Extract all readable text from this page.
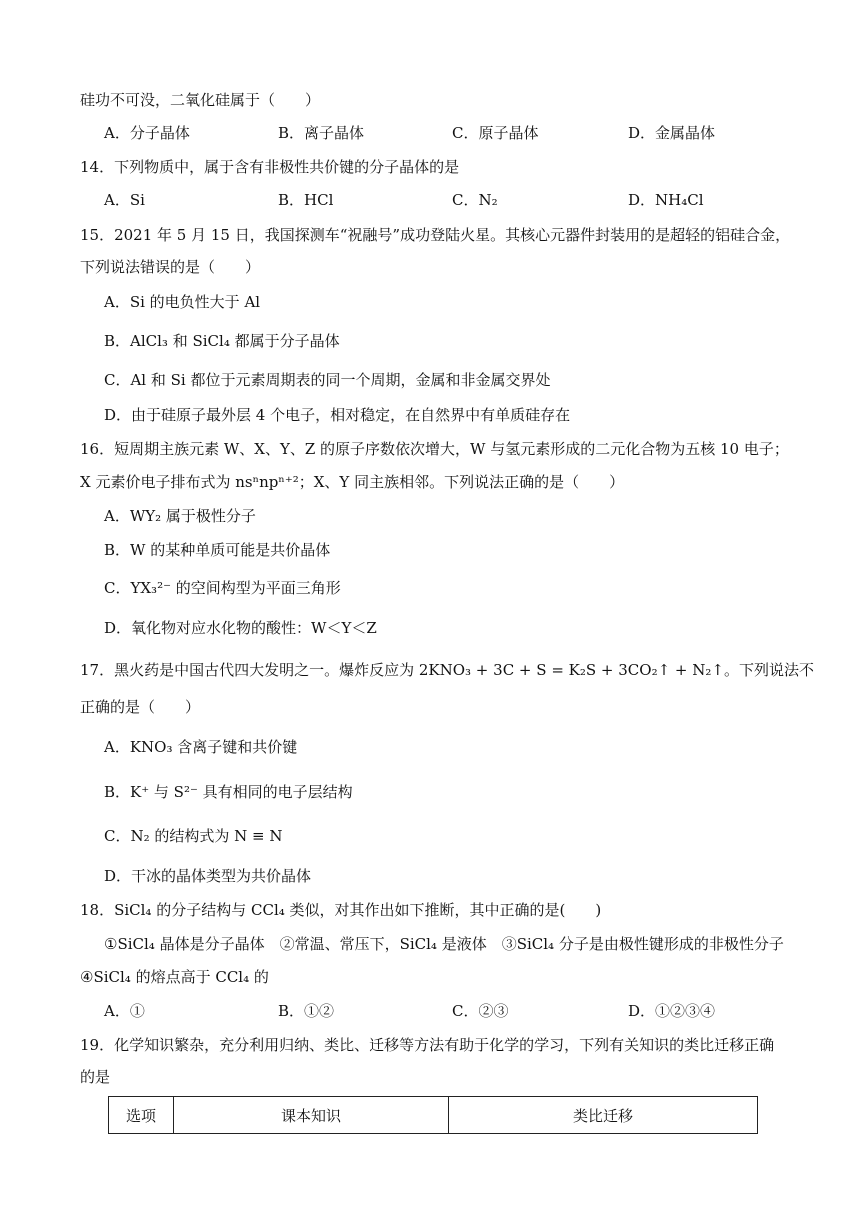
硅功不可没，二氧化硅属于（　　）
A．分子晶体	B．离子晶体	C．原子晶体	D．金属晶体
14．下列物质中，属于含有非极性共价键的分子晶体的是
A．Si	B．HCl	C．N₂	D．NH₄Cl
15．2021 年 5 月 15 日，我国探测车“祝融号”成功登陆火星。其核心元器件封装用的是超轻的铝硅合金，
下列说法错误的是（　　）
A．Si 的电负性大于 Al
B．AlCl₃ 和 SiCl₄ 都属于分子晶体
C．Al 和 Si 都位于元素周期表的同一个周期，金属和非金属交界处
D．由于硅原子最外层 4 个电子，相对稳定，在自然界中有单质硅存在
16．短周期主族元素 W、X、Y、Z 的原子序数依次增大，W 与氢元素形成的二元化合物为五核 10 电子；
X 元素价电子排布式为 nsⁿnpⁿ⁺²；X、Y 同主族相邻。下列说法正确的是（　　）
A．WY₂ 属于极性分子
B．W 的某种单质可能是共价晶体
C．YX₃²⁻ 的空间构型为平面三角形
D．氧化物对应水化物的酸性：W＜Y＜Z
17．黑火药是中国古代四大发明之一。爆炸反应为 2KNO₃ + 3C + S = K₂S + 3CO₂↑ + N₂↑。下列说法不
正确的是（　　）
A．KNO₃ 含离子键和共价键
B．K⁺ 与 S²⁻ 具有相同的电子层结构
C．N₂ 的结构式为 N ≡ N
D．干冰的晶体类型为共价晶体
18．SiCl₄ 的分子结构与 CCl₄ 类似，对其作出如下推断，其中正确的是(　　)
①SiCl₄ 晶体是分子晶体　②常温、常压下，SiCl₄ 是液体　③SiCl₄ 分子是由极性键形成的非极性分子
④SiCl₄ 的熔点高于 CCl₄ 的
A．①	B．①②	C．②③	D．①②③④
19．化学知识繁杂，充分利用归纳、类比、迁移等方法有助于化学的学习，下列有关知识的类比迁移正确
的是
选项	课本知识	类比迁移
